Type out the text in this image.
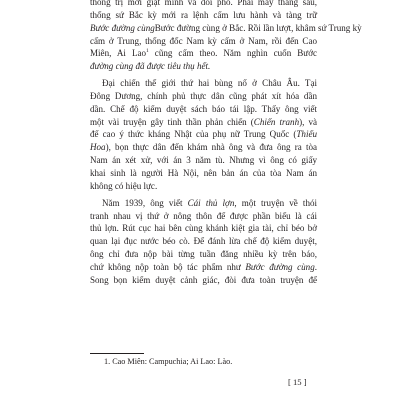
thống trị mới giật mình và đối phó. Phải mấy tháng sau,
thống sứ Bắc kỳ mới ra lệnh cấm lưu hành và tàng trữ
Bước đường cùngBước đường cùng ở Bắc. Rồi lần lượt, khâm sứ Trung kỳ
cấm ở Trung, thống đốc Nam kỳ cấm ở Nam, rồi đến Cao
Miên, Ai Lao$^1$ cũng cấm theo. Năm nghìn cuốn Bước
đường cùng đã được tiêu thụ hết.

Đại chiến thế giới thứ hai bùng nổ ở Châu Âu. Tại
Đông Dương, chính phủ thực dân cũng phát xít hóa dần
dần. Chế độ kiểm duyệt sách báo tái lập. Thấy ông viết
một vài truyện gây tinh thần phản chiến (Chiến tranh), và
để cao ý thức kháng Nhật của phụ nữ Trung Quốc (Thiếu
Hoa), bọn thực dân đến khám nhà ông và đưa ông ra tòa
Nam án xét xử, với án 3 năm tù. Nhưng vì ông có giấy
khai sinh là người Hà Nội, nên bản án của tòa Nam án
không có hiệu lực.

Năm 1939, ông viết Cái thủ lợn, một truyện về thói
tranh nhau vị thứ ở nông thôn để được phần biếu là cái
thủ lợn. Rút cục hai bên cùng khánh kiệt gia tài, chỉ béo bở
quan lại đục nước béo cò. Để đánh lừa chế độ kiểm duyệt,
ông chỉ đưa nộp bài từng tuần đăng nhiều kỳ trên báo,
chứ không nộp toàn bộ tác phẩm như Bước đường cùng.
Song bọn kiểm duyệt cảnh giác, đòi đưa toàn truyện để

1. Cao Miên: Campuchia; Ai Lao: Lào.
[ 15 ]
